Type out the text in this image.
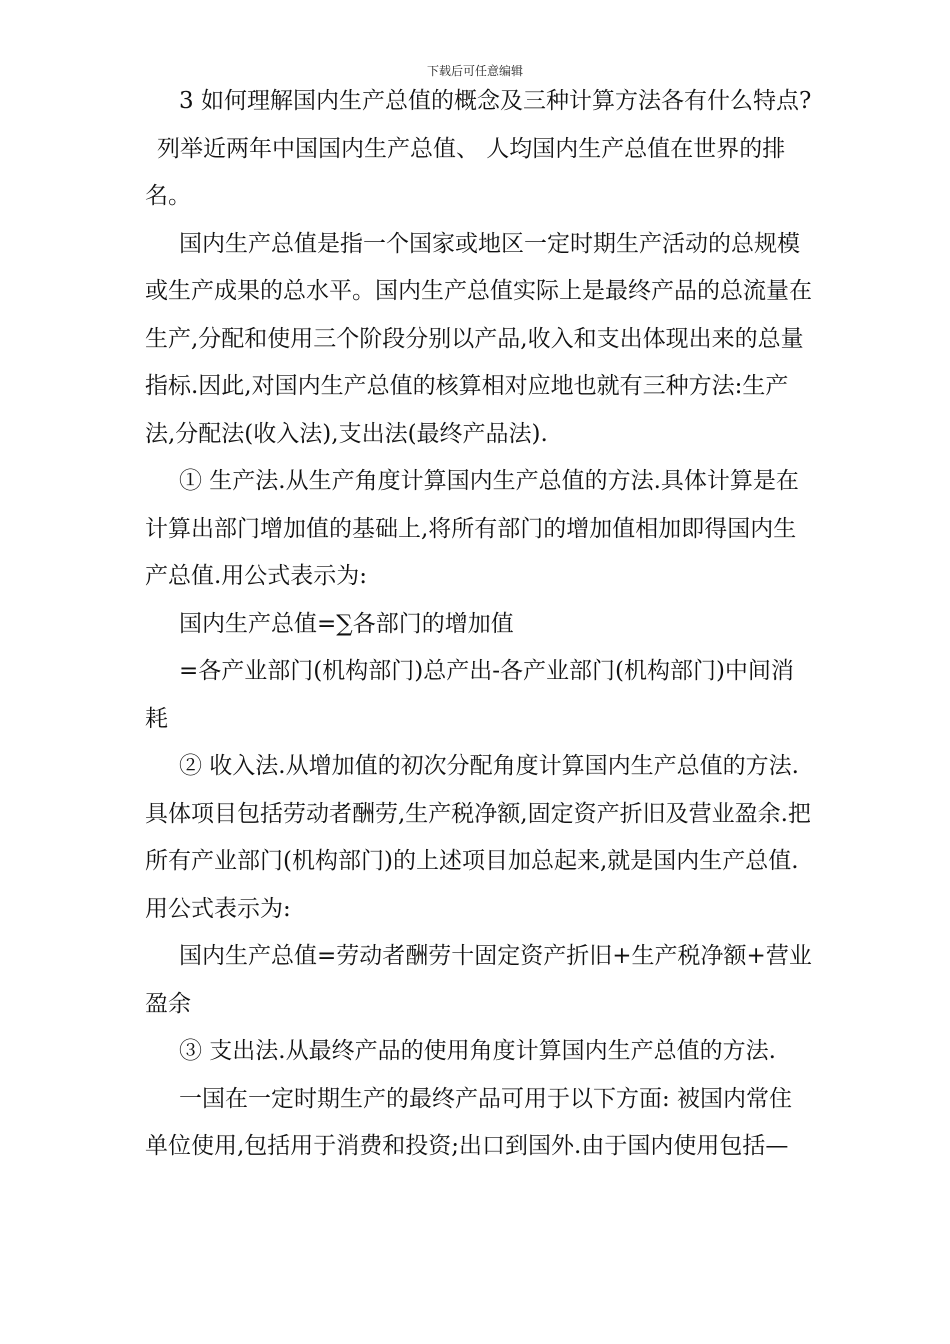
下载后可任意编辑

3 如何理解国内生产总值的概念及三种计算方法各有什么特点?

列举近两年中国国内生产总值、 人均国内生产总值在世界的排

名。

国内生产总值是指一个国家或地区一定时期生产活动的总规模或生产成果的总水平。国内生产总值实际上是最终产品的总流量在生产,分配和使用三个阶段分别以产品,收入和支出体现出来的总量指标.因此,对国内生产总值的核算相对应地也就有三种方法:生产法,分配法(收入法),支出法(最终产品法).

① 生产法.从生产角度计算国内生产总值的方法.具体计算是在计算出部门增加值的基础上,将所有部门的增加值相加即得国内生产总值.用公式表示为:

国内生产总值=∑各部门的增加值

=各产业部门(机构部门)总产出-各产业部门(机构部门)中间消耗

② 收入法.从增加值的初次分配角度计算国内生产总值的方法.具体项目包括劳动者酬劳,生产税净额,固定资产折旧及营业盈余.把所有产业部门(机构部门)的上述项目加总起来,就是国内生产总值.用公式表示为:

国内生产总值=劳动者酬劳十固定资产折旧+生产税净额+营业盈余

③ 支出法.从最终产品的使用角度计算国内生产总值的方法.

一国在一定时期生产的最终产品可用于以下方面: 被国内常住单位使用,包括用于消费和投资;出口到国外.由于国内使用包括—
